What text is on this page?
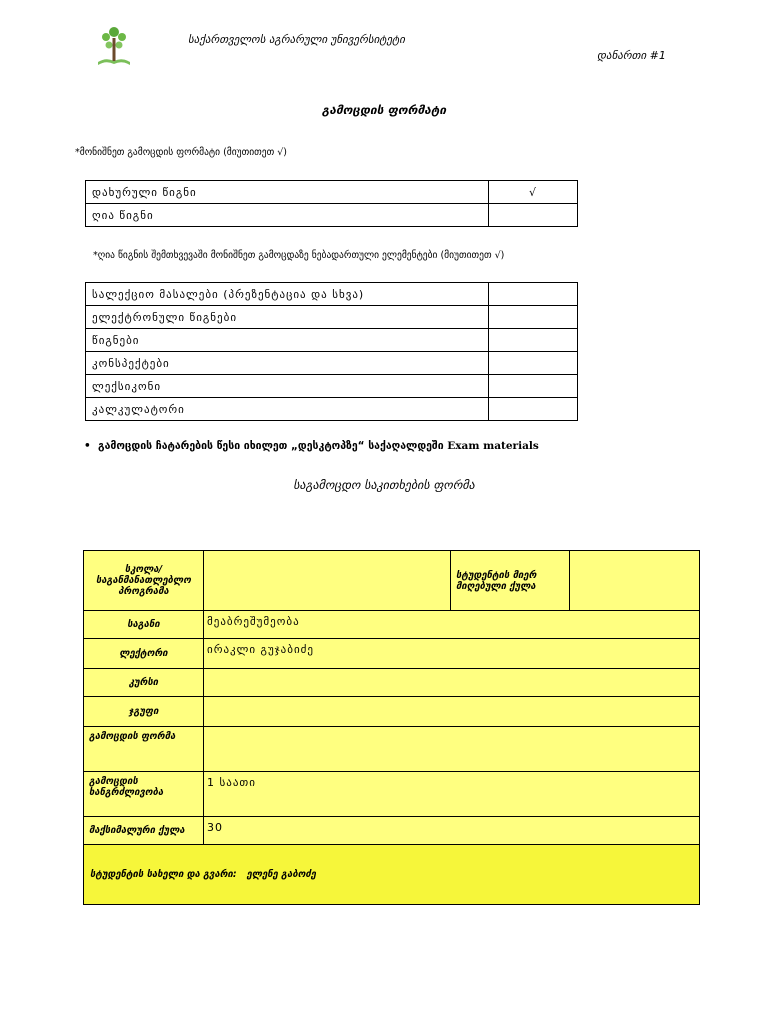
საქართველოს აგრარული უნივერსიტეტი
დანართი #1
გამოცდის ფორმატი
*მონიშნეთ გამოცდის ფორმატი (მიუთითეთ √)
დახურული წიგნი	√
ღია წიგნი	
*ღია წიგნის შემთხვევაში მონიშნეთ გამოცდაზე ნებადართული ელემენტები (მიუთითეთ √)
სალექციო მასალები (პრეზენტაცია და სხვა)	
ელექტრონული წიგნები	
წიგნები	
კონსპექტები	
ლექსიკონი	
კალკულატორი	
• გამოცდის ჩატარების წესი იხილეთ „დესკტოპზე“ საქაღალდეში Exam materials
საგამოცდო საკითხების ფორმა
სკოლა/ საგანმანათლებლო პროგრამა		სტუდენტის მიერ მიღებული ქულა	
საგანი	მეაბრეშუმეობა		
ლექტორი	ირაკლი გუჯაბიძე		
კურსი			
ჯგუფი			
გამოცდის ფორმა			
გამოცდის ხანგრძლივობა	1 საათი		
მაქსიმალური ქულა	30		
სტუდენტის სახელი და გვარი: ელენე გაბოძე			
